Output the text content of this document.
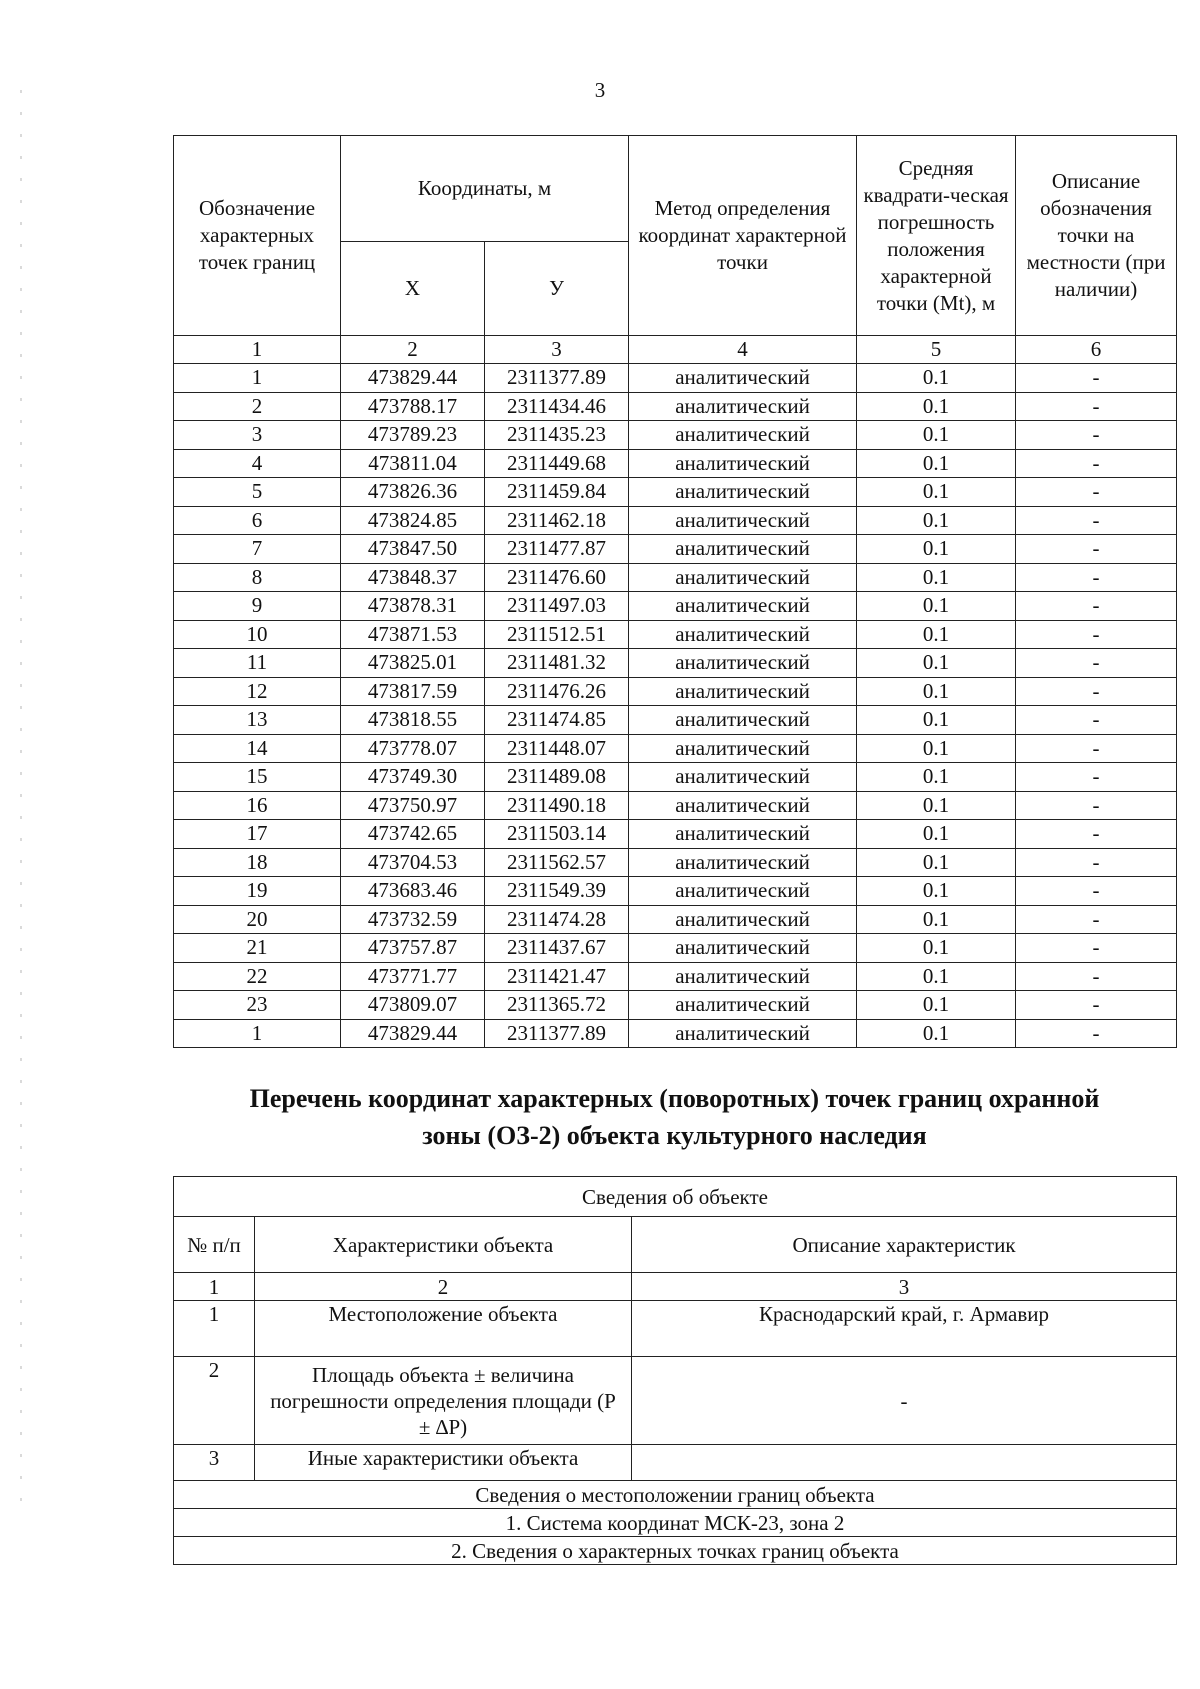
3
Обозначение характерных точек границ	Координаты, м		Метод определения координат характерной точки	Средняя квадрати-ческая погрешность положения характерной точки (Mt), м	Описание обозначения точки на местности (при наличии)
	Х	У			
1	2	3	4	5	6
1	473829.44	2311377.89	аналитический	0.1	-
2	473788.17	2311434.46	аналитический	0.1	-
3	473789.23	2311435.23	аналитический	0.1	-
4	473811.04	2311449.68	аналитический	0.1	-
5	473826.36	2311459.84	аналитический	0.1	-
6	473824.85	2311462.18	аналитический	0.1	-
7	473847.50	2311477.87	аналитический	0.1	-
8	473848.37	2311476.60	аналитический	0.1	-
9	473878.31	2311497.03	аналитический	0.1	-
10	473871.53	2311512.51	аналитический	0.1	-
11	473825.01	2311481.32	аналитический	0.1	-
12	473817.59	2311476.26	аналитический	0.1	-
13	473818.55	2311474.85	аналитический	0.1	-
14	473778.07	2311448.07	аналитический	0.1	-
15	473749.30	2311489.08	аналитический	0.1	-
16	473750.97	2311490.18	аналитический	0.1	-
17	473742.65	2311503.14	аналитический	0.1	-
18	473704.53	2311562.57	аналитический	0.1	-
19	473683.46	2311549.39	аналитический	0.1	-
20	473732.59	2311474.28	аналитический	0.1	-
21	473757.87	2311437.67	аналитический	0.1	-
22	473771.77	2311421.47	аналитический	0.1	-
23	473809.07	2311365.72	аналитический	0.1	-
1	473829.44	2311377.89	аналитический	0.1	-
Перечень координат характерных (поворотных) точек границ охранной
зоны (ОЗ-2) объекта культурного наследия
Сведения об объекте		
№ п/п	Характеристики объекта	Описание характеристик
1	2	3
1	Местоположение объекта	Краснодарский край, г. Армавир
2	Площадь объекта ± величина погрешности определения площади (Р ± ∆Р)	-
3	Иные характеристики объекта	
Сведения о местоположении границ объекта		
1. Система координат МСК-23, зона 2		
2. Сведения о характерных точках границ объекта		
